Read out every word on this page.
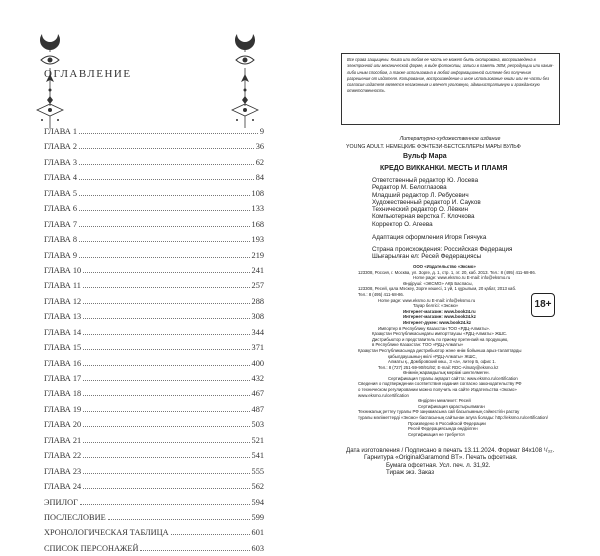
ОГЛАВЛЕНИЕ
ГЛАВА 1	9
ГЛАВА 2	36
ГЛАВА 3	62
ГЛАВА 4	84
ГЛАВА 5	108
ГЛАВА 6	133
ГЛАВА 7	168
ГЛАВА 8	193
ГЛАВА 9	219
ГЛАВА 10	241
ГЛАВА 11	257
ГЛАВА 12	288
ГЛАВА 13	308
ГЛАВА 14	344
ГЛАВА 15	371
ГЛАВА 16	400
ГЛАВА 17	432
ГЛАВА 18	467
ГЛАВА 19	487
ГЛАВА 20	503
ГЛАВА 21	521
ГЛАВА 22	541
ГЛАВА 23	555
ГЛАВА 24	562
ЭПИЛОГ	594
ПОСЛЕСЛОВИЕ	599
ХРОНОЛОГИЧЕСКАЯ ТАБЛИЦА	601
СПИСОК ПЕРСОНАЖЕЙ	603
Все права защищены. Книга или любая ее часть не может быть скопирована, воспроизведена в электронной или механической форме, в виде фотокопии, записи в память ЭВМ, репродукции или каким-либо иным способом, а также использована в любой информационной системе без получения разрешения от издателя. Копирование, воспроизведение и иное использование книги или ее части без согласия издателя является незаконным и влечет уголовную, административную и гражданскую ответственность.
Литературно-художественное издание
YOUNG ADULT. НЕМЕЦКИЕ ФЭНТЕЗИ-БЕСТСЕЛЛЕРЫ МАРЫ ВУЛЬФ
Вульф Мара
КРЕДО ВИККАНКИ. МЕСТЬ И ПЛАМЯ
Ответственный редактор Ю. Лосева
Редактор М. Белоглазова
Младший редактор Л. Ребусевич
Художественный редактор И. Сауков
Технический редактор О. Лёвкин
Компьютерная верстка Г. Клочкова
Корректор О. Агеева
Адаптация оформления Игоря Гиячука
Страна происхождения: Российская Федерация
Шығарылған ел: Ресей Федерациясы
ООО «Издательство «Эксмо»
123308, Россия, г. Москва, ул. Зорге, д. 1, стр. 1, эт. 20, каб. 2013. Тел.: 8 (495) 411-68-86.
Home page: www.eksmo.ru E-mail: info@eksmo.ru
Өндіруші: «ЭКСМО» АҚБ Баспасы,
123308, Ресей, қала Мәскеу, Зорге көшесі, 1 үй, 1 құрылым, 20 қабат, 2013 каб.
Тел.: 8 (495) 411-68-86.
Home page: www.eksmo.ru E-mail: info@eksmo.ru
Тауар белгісі: «Эксмо»
Интернет-магазин: www.book24.ru
Интернет-магазин: www.book24.kz
Интернет-дүкен: www.book24.kz
Импортер в Республику Казахстан ТОО «РДЦ-Алматы».
Қазақстан Республикасындағы импорттаушы «РДЦ-Алматы» ЖШС.
Дистрибьютор и представитель по приему претензий на продукцию,
в Республике Казахстан: ТОО «РДЦ-Алматы»
Қазақстан Республикасында дистрибьютор және өнім бойынша арыз-талаптарды
қабылдаушының өкілі «РДЦ-Алматы» ЖШС,
Алматы қ., Домбровский көш., 3 «а», литер Б, офис 1.
Тел.: 8 (727) 251-59-90/91/92; E-mail: RDC-Almaty@eksmo.kz
Өнімнің жарамдылық мерзімі шектелмеген.
Сертификация туралы ақпарат сайтта: www.eksmo.ru/certification
Сведения о подтверждении соответствия издания согласно законодательству РФ
о техническом регулировании можно получить на сайте Издательства «Эксмо»
www.eksmo.ru/certification
Өндірген мемлекет: Ресей
Сертификация қарастырылмаған
Техникалық реттеу туралы РФ заңнамасына сай басылымның сәйкестігін растау
туралы мәліметтерді «Эксмо» баспасының сайтынан алуға болады: http://eksmo.ru/certification/
Произведено в Российской Федерации
Ресей Федерациясында өндірілген
Сертификация не требуется
18+
Дата изготовления / Подписано в печать 13.11.2024. Формат 84х108 ¹/₃₂.
Гарнитура «OriginalGaramond BT». Печать офсетная.
Бумага офсетная. Усл. печ. л. 31,92.
Тираж экз. Заказ
